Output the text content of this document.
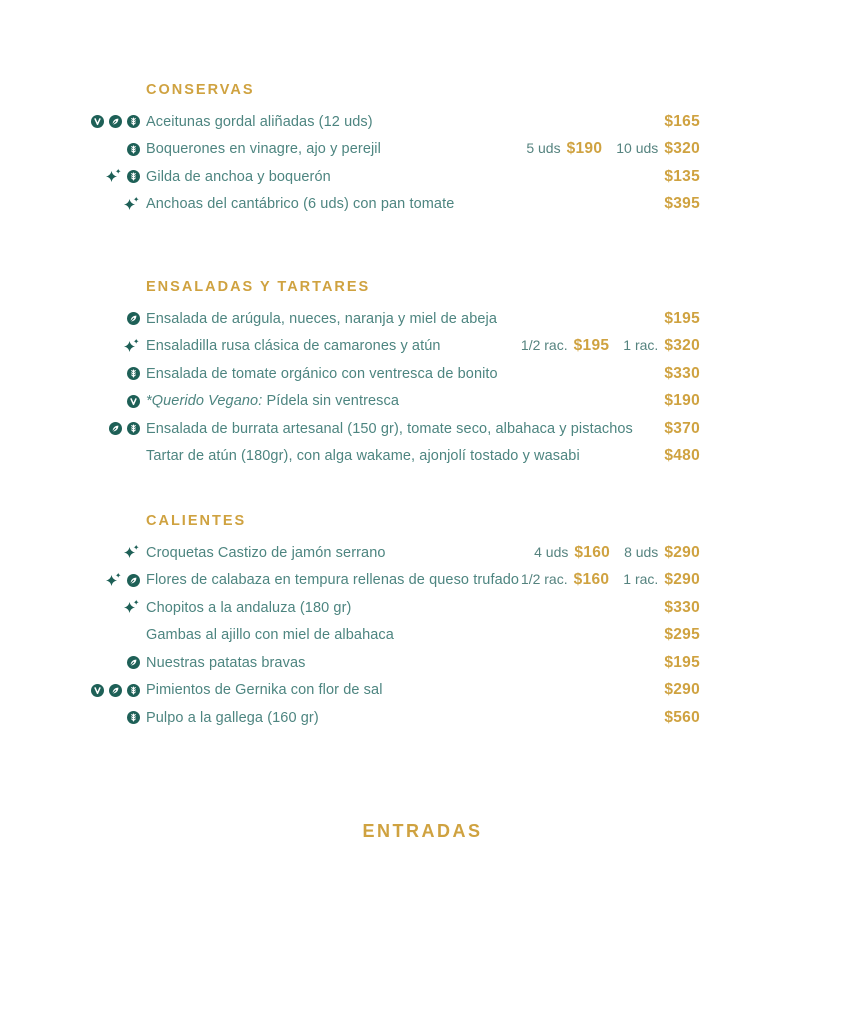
CONSERVAS
Aceitunas gordal aliñadas (12 uds)	$165
Boquerones en vinagre, ajo y perejil	5 uds $190 10 uds $320
Gilda de anchoa y boquerón	$135
Anchoas del cantábrico (6 uds) con pan tomate	$395
ENSALADAS Y TARTARES
Ensalada de arúgula, nueces, naranja y miel de abeja	$195
Ensaladilla rusa clásica de camarones y atún	1/2 rac. $195 1 rac. $320
Ensalada de tomate orgánico con ventresca de bonito	$330
*Querido Vegano: Pídela sin ventresca	$190
Ensalada de burrata artesanal (150 gr), tomate seco, albahaca y pistachos	$370
Tartar de atún (180gr), con alga wakame, ajonjolí tostado y wasabi	$480
CALIENTES
Croquetas Castizo de jamón serrano	4 uds $160 8 uds $290
Flores de calabaza en tempura rellenas de queso trufado 1/2 rac. $160 1 rac. $290
Chopitos a la andaluza (180 gr)	$330
Gambas al ajillo con miel de albahaca	$295
Nuestras patatas bravas	$195
Pimientos de Gernika con flor de sal	$290
Pulpo a la gallega (160 gr)	$560
ENTRADAS
